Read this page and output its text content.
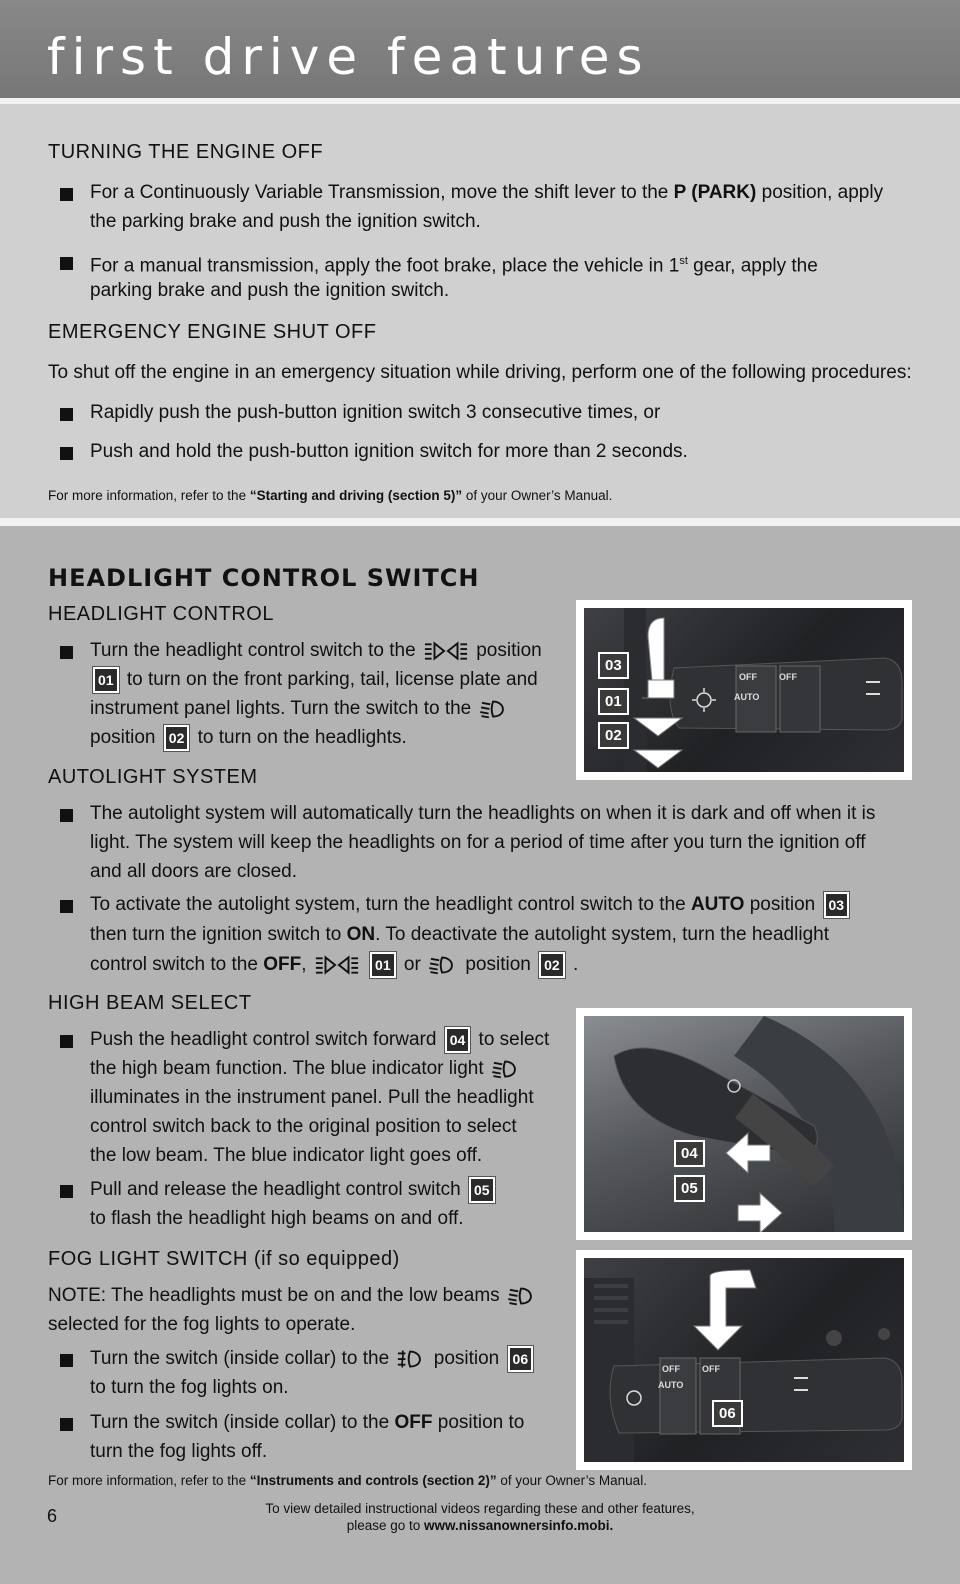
first drive features
TURNING THE ENGINE OFF
For a Continuously Variable Transmission, move the shift lever to the P (PARK) position, apply
the parking brake and push the ignition switch.
For a manual transmission, apply the foot brake, place the vehicle in 1st gear, apply the
parking brake and push the ignition switch.
EMERGENCY ENGINE SHUT OFF
To shut off the engine in an emergency situation while driving, perform one of the following procedures:
Rapidly push the push-button ignition switch 3 consecutive times, or
Push and hold the push-button ignition switch for more than 2 seconds.
For more information, refer to the “Starting and driving (section 5)” of your Owner’s Manual.
HEADLIGHT CONTROL SWITCH
HEADLIGHT CONTROL
Turn the headlight control switch to the	position
01 to turn on the front parking, tail, license plate and
instrument panel lights. Turn the switch to the
position 02 to turn on the headlights.
OFF OFF
AUTO
03
01
02
AUTOLIGHT SYSTEM
The autolight system will automatically turn the headlights on when it is dark and off when it is
light. The system will keep the headlights on for a period of time after you turn the ignition off
and all doors are closed.
To activate the autolight system, turn the headlight control switch to the AUTO position 03
then turn the ignition switch to ON. To deactivate the autolight system, turn the headlight
control switch to the OFF,	01 or  position 02 .
HIGH BEAM SELECT
Push the headlight control switch forward 04 to select
the high beam function. The blue indicator light
illuminates in the instrument panel. Pull the headlight
control switch back to the original position to select
the low beam. The blue indicator light goes off.
Pull and release the headlight control switch 05
to flash the headlight high beams on and off.
04
05
FOG LIGHT SWITCH (if so equipped)
NOTE: The headlights must be on and the low beams
selected for the fog lights to operate.
Turn the switch (inside collar) to the  position 06
to turn the fog lights on.
Turn the switch (inside collar) to the OFF position to
turn the fog lights off.
OFF OFF
AUTO
06
For more information, refer to the “Instruments and controls (section 2)” of your Owner’s Manual.
6	To view detailed instructional videos regarding these and other features,
please go to www.nissanownersinfo.mobi.
